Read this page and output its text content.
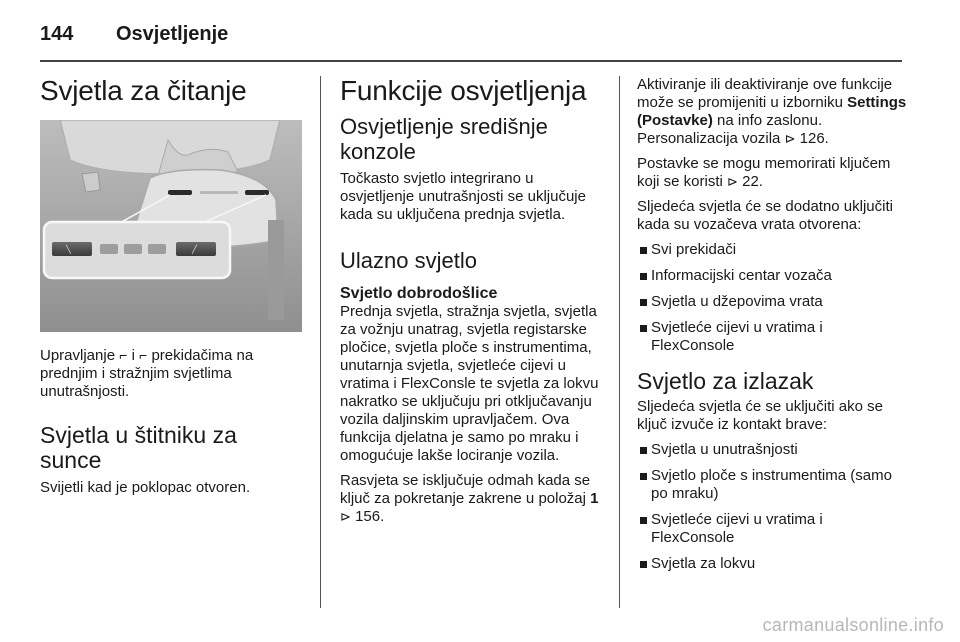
144	Osvjetljenje
Svjetla za čitanje
╲	╱

Upravljanje ⌐ i ⌐ prekidačima na prednjim i stražnjim svjetlima unutrašnjosti.

Svjetla u štitniku za sunce

Svijetli kad je poklopac otvoren.

Funkcije osvjetljenja
Osvjetljenje središnje konzole

Točkasto svjetlo integrirano u osvjetljenje unutrašnjosti se uključuje kada su uključena prednja svjetla.

Ulazno svjetlo
Svjetlo dobrodošlice

Prednja svjetla, stražnja svjetla, svjetla za vožnju unatrag, svjetla registarske pločice, svjetla ploče s instrumentima, unutarnja svjetla, svjetleće cijevi u vratima i FlexConsle te svjetla za lokvu nakratko se uključuju pri otključavanju vozila daljinskim upravljačem. Ova funkcija djelatna je samo po mraku i omogućuje lakše lociranje vozila.

Rasvjeta se isključuje odmah kada se ključ za pokretanje zakrene u položaj 1 ⊳ 156.

Aktiviranje ili deaktiviranje ove funkcije može se promijeniti u izborniku Settings (Postavke) na info zaslonu. Personalizacija vozila ⊳ 126.

Postavke se mogu memorirati ključem koji se koristi ⊳ 22.

Sljedeća svjetla će se dodatno uključiti kada su vozačeva vrata otvorena:

Svi prekidači
Informacijski centar vozača
Svjetla u džepovima vrata
Svjetleće cijevi u vratima i FlexConsole
Svjetlo za izlazak

Sljedeća svjetla će se uključiti ako se ključ izvuče iz kontakt brave:

Svjetla u unutrašnjosti
Svjetlo ploče s instrumentima (samo po mraku)
Svjetleće cijevi u vratima i FlexConsole
Svjetla za lokvu
carmanualsonline.info
